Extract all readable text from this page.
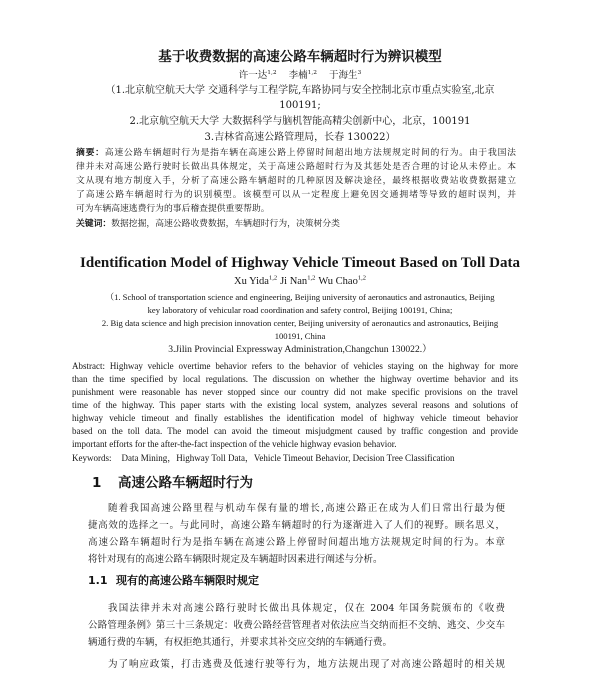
基于收费数据的高速公路车辆超时行为辨识模型
许一达$^{1,2}$ 李楠$^{1,2}$ 于海生$^3$
（1.北京航空航天大学 交通科学与工程学院,车路协同与安全控制北京市重点实验室,北京
100191;
2.北京航空航天大学 大数据科学与脑机智能高精尖创新中心，北京，100191
3.吉林省高速公路管理局，长春 130022）
摘要：高速公路车辆超时行为是指车辆在高速公路上停留时间超出地方法规规定时间的行为。由于我国法
律并未对高速公路行驶时长做出具体规定，关于高速公路超时行为及其惩处是否合理的讨论从未停止。本
文从现有地方制度入手，分析了高速公路车辆超时的几种原因及解决途径，最终根据收费站收费数据建立
了高速公路车辆超时行为的识别模型。该模型可以从一定程度上避免因交通拥堵等导致的超时误判，并
可为车辆高速逃费行为的事后稽查提供重要帮助。
关键词：数据挖掘，高速公路收费数据，车辆超时行为，决策树分类
Identification Model of Highway Vehicle Timeout Based on Toll Data
Xu Yida$^{1,2}$ Ji Nan$^{1,2}$ Wu Chao$^{1,2}$
（1. School of transportation science and engineering, Beijing university of aeronautics and astronautics, Beijing
key laboratory of vehicular road coordination and safety control, Beijing 100191, China;
2. Big data science and high precision innovation center, Beijing university of aeronautics and astronautics, Beijing
100191, China
3.Jilin Provincial Expressway Administration,Changchun 130022.）
Abstract: Highway vehicle overtime behavior refers to the behavior of vehicles staying on the highway for more
than the time specified by local regulations. The discussion on whether the highway overtime behavior and its
punishment were reasonable has never stopped since our country did not make specific provisions on the travel
time of the highway. This paper starts with the existing local system, analyzes several reasons and solutions of
highway vehicle timeout and finally establishes the identification model of highway vehicle timeout behavior
based on the toll data. The model can avoid the timeout misjudgment caused by traffic congestion and provide
important efforts for the after-the-fact inspection of the vehicle highway evasion behavior.
Keywords: Data Mining，Highway Toll Data，Vehicle Timeout Behavior, Decision Tree Classification
1	高速公路车辆超时行为
随着我国高速公路里程与机动车保有量的增长,高速公路正在成为人们日常出行最为便
捷高效的选择之一。与此同时，高速公路车辆超时的行为逐渐进入了人们的视野。顾名思义，
高速公路车辆超时行为是指车辆在高速公路上停留时间超出地方法规规定时间的行为。本章
将针对现有的高速公路车辆限时规定及车辆超时因素进行阐述与分析。
1.1 现有的高速公路车辆限时规定
我国法律并未对高速公路行驶时长做出具体规定，仅在 2004 年国务院颁布的《收费
公路管理条例》第三十三条规定：收费公路经营管理者对依法应当交纳而拒不交纳、逃交、少交车
辆通行费的车辆，有权拒绝其通行，并要求其补交应交纳的车辆通行费。
为了响应政策，打击逃费及低速行驶等行为，地方法规出现了对高速公路超时的相关规
